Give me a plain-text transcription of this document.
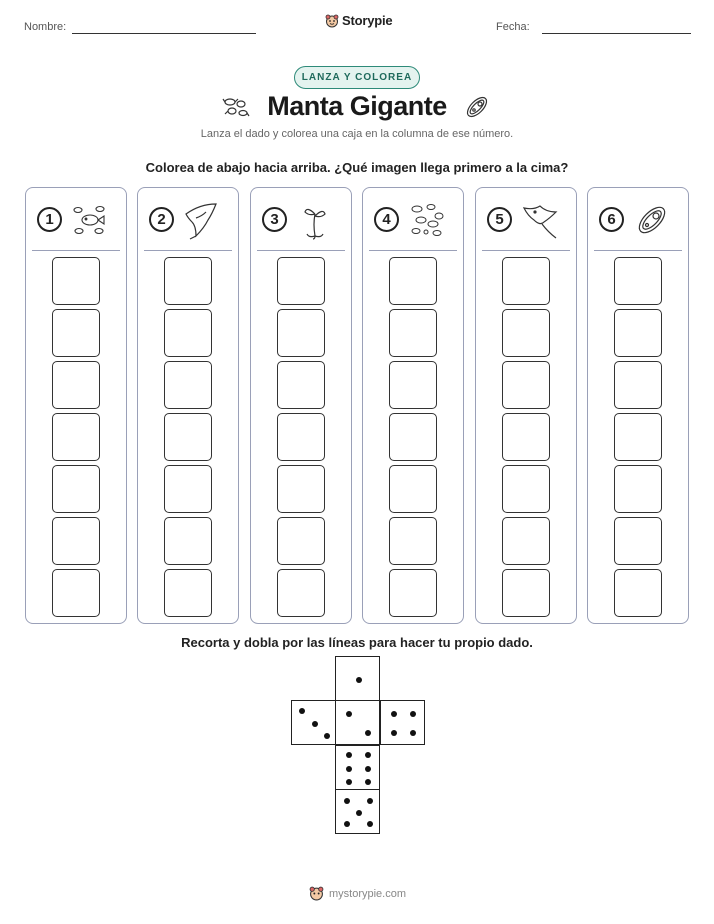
Nombre:	Storypie	Fecha:
LANZA Y COLOREA
Manta Gigante
Lanza el dado y colorea una caja en la columna de ese número.
Colorea de abajo hacia arriba. ¿Qué imagen llega primero a la cima?
1	2	3	4	5	6
Recorta y dobla por las líneas para hacer tu propio dado.
mystorypie.com
